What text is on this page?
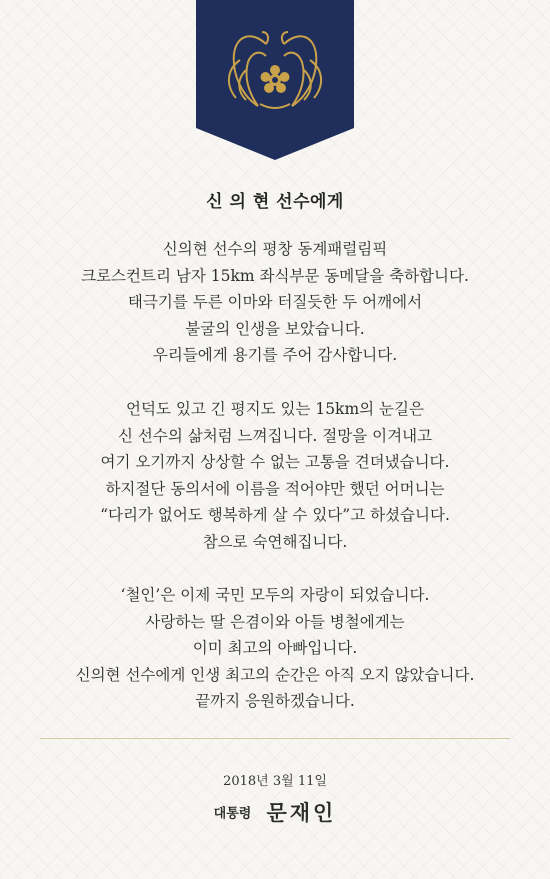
신 의 현 선수에게
신의현 선수의 평창 동계패럴림픽
크로스컨트리 남자 15km 좌식부문 동메달을 축하합니다.
태극기를 두른 이마와 터질듯한 두 어깨에서
불굴의 인생을 보았습니다.
우리들에게 용기를 주어 감사합니다.
언덕도 있고 긴 평지도 있는 15km의 눈길은
신 선수의 삶처럼 느껴집니다. 절망을 이겨내고
여기 오기까지 상상할 수 없는 고통을 견뎌냈습니다.
하지절단 동의서에 이름을 적어야만 했던 어머니는
“다리가 없어도 행복하게 살 수 있다”고 하셨습니다.
참으로 숙연해집니다.
‘철인’은 이제 국민 모두의 자랑이 되었습니다.
사랑하는 딸 은겸이와 아들 병철에게는
이미 최고의 아빠입니다.
신의현 선수에게 인생 최고의 순간은 아직 오지 않았습니다.
끝까지 응원하겠습니다.
2018년 3월 11일
대통령 문재인
